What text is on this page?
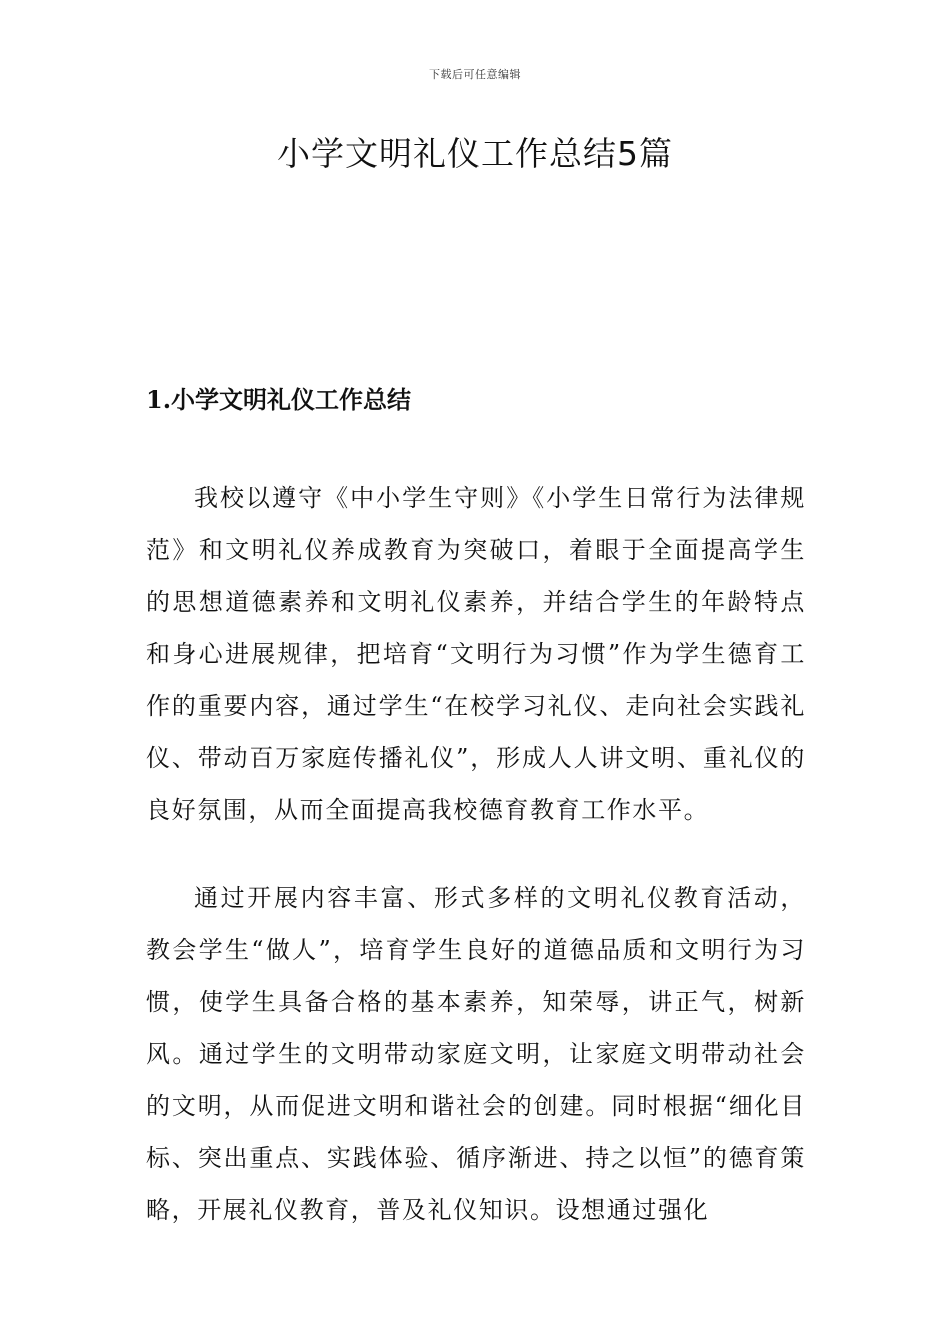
下载后可任意编辑
小学文明礼仪工作总结5篇
1.小学文明礼仪工作总结

我校以遵守《中小学生守则》《小学生日常行为法律规范》和文明礼仪养成教育为突破口，着眼于全面提高学生的思想道德素养和文明礼仪素养，并结合学生的年龄特点和身心进展规律，把培育“文明行为习惯”作为学生德育工作的重要内容，通过学生“在校学习礼仪、走向社会实践礼仪、带动百万家庭传播礼仪”，形成人人讲文明、重礼仪的良好氛围，从而全面提高我校德育教育工作水平。

通过开展内容丰富、形式多样的文明礼仪教育活动，教会学生“做人”，培育学生良好的道德品质和文明行为习惯，使学生具备合格的基本素养，知荣辱，讲正气，树新风。通过学生的文明带动家庭文明，让家庭文明带动社会的文明，从而促进文明和谐社会的创建。同时根据“细化目标、突出重点、实践体验、循序渐进、持之以恒”的德育策略，开展礼仪教育，普及礼仪知识。设想通过强化
